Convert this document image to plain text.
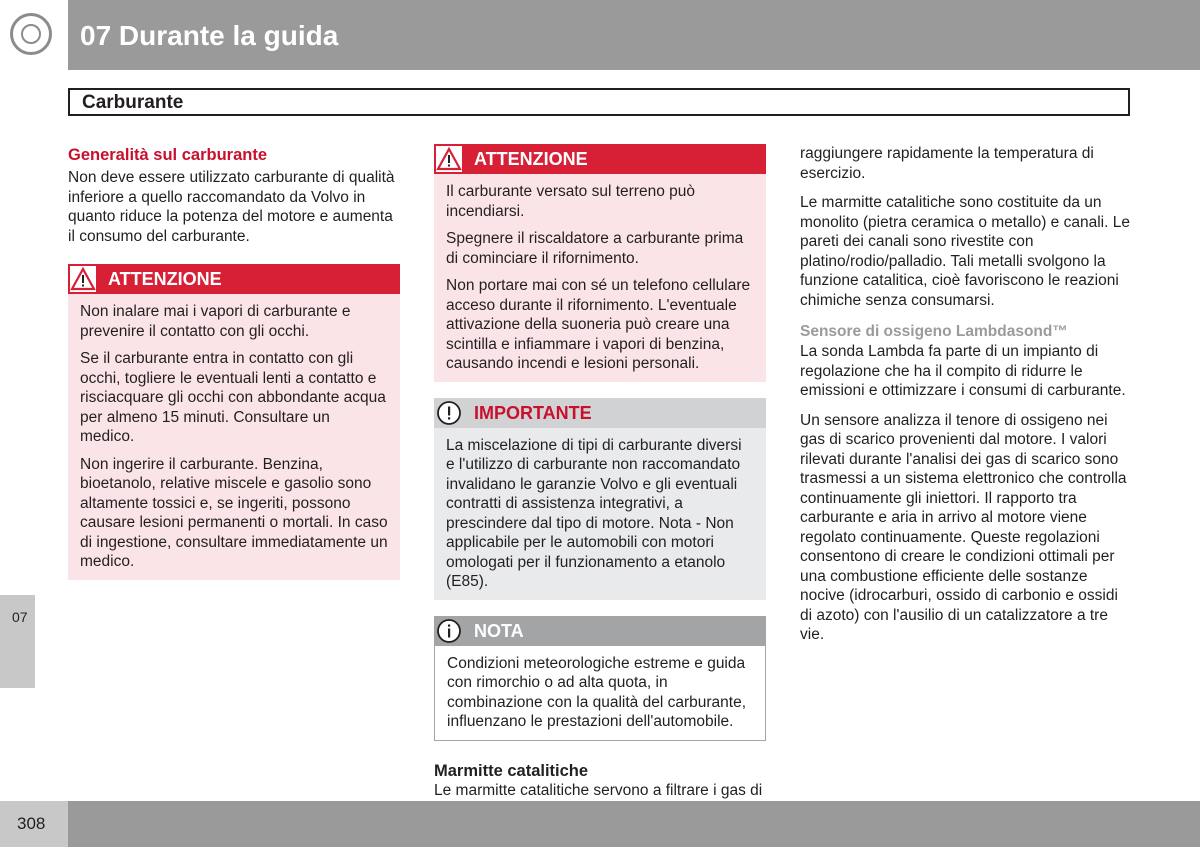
07 Durante la guida
Carburante
Generalità sul carburante

Non deve essere utilizzato carburante di qualità inferiore a quello raccomandato da Volvo in quanto riduce la potenza del motore e aumenta il consumo del carburante.

ATTENZIONE

Non inalare mai i vapori di carburante e prevenire il contatto con gli occhi.

Se il carburante entra in contatto con gli occhi, togliere le eventuali lenti a contatto e risciacquare gli occhi con abbondante acqua per almeno 15 minuti. Consultare un medico.

Non ingerire il carburante. Benzina, bioetanolo, relative miscele e gasolio sono altamente tossici e, se ingeriti, possono causare lesioni permanenti o mortali. In caso di ingestione, consultare immediatamente un medico.

ATTENZIONE

Il carburante versato sul terreno può incendiarsi.

Spegnere il riscaldatore a carburante prima di cominciare il rifornimento.

Non portare mai con sé un telefono cellulare acceso durante il rifornimento. L'eventuale attivazione della suoneria può creare una scintilla e infiammare i vapori di benzina, causando incendi e lesioni personali.

IMPORTANTE

La miscelazione di tipi di carburante diversi e l'utilizzo di carburante non raccomandato invalidano le garanzie Volvo e gli eventuali contratti di assistenza integrativi, a prescindere dal tipo di motore. Nota - Non applicabile per le automobili con motori omologati per il funzionamento a etanolo (E85).

NOTA

Condizioni meteorologiche estreme e guida con rimorchio o ad alta quota, in combinazione con la qualità del carburante, influenzano le prestazioni dell'automobile.

Marmitte catalitiche

Le marmitte catalitiche servono a filtrare i gas di

raggiungere rapidamente la temperatura di esercizio.

Le marmitte catalitiche sono costituite da un monolito (pietra ceramica o metallo) e canali. Le pareti dei canali sono rivestite con platino/rodio/palladio. Tali metalli svolgono la funzione catalitica, cioè favoriscono le reazioni chimiche senza consumarsi.

Sensore di ossigeno Lambdasond™

La sonda Lambda fa parte di un impianto di regolazione che ha il compito di ridurre le emissioni e ottimizzare i consumi di carburante.

Un sensore analizza il tenore di ossigeno nei gas di scarico provenienti dal motore. I valori rilevati durante l'analisi dei gas di scarico sono trasmessi a un sistema elettronico che controlla continuamente gli iniettori. Il rapporto tra carburante e aria in arrivo al motore viene regolato continuamente. Queste regolazioni consentono di creare le condizioni ottimali per una combustione efficiente delle sostanze nocive (idrocarburi, ossido di carbonio e ossidi di azoto) con l'ausilio di un catalizzatore a tre vie.

07
308
